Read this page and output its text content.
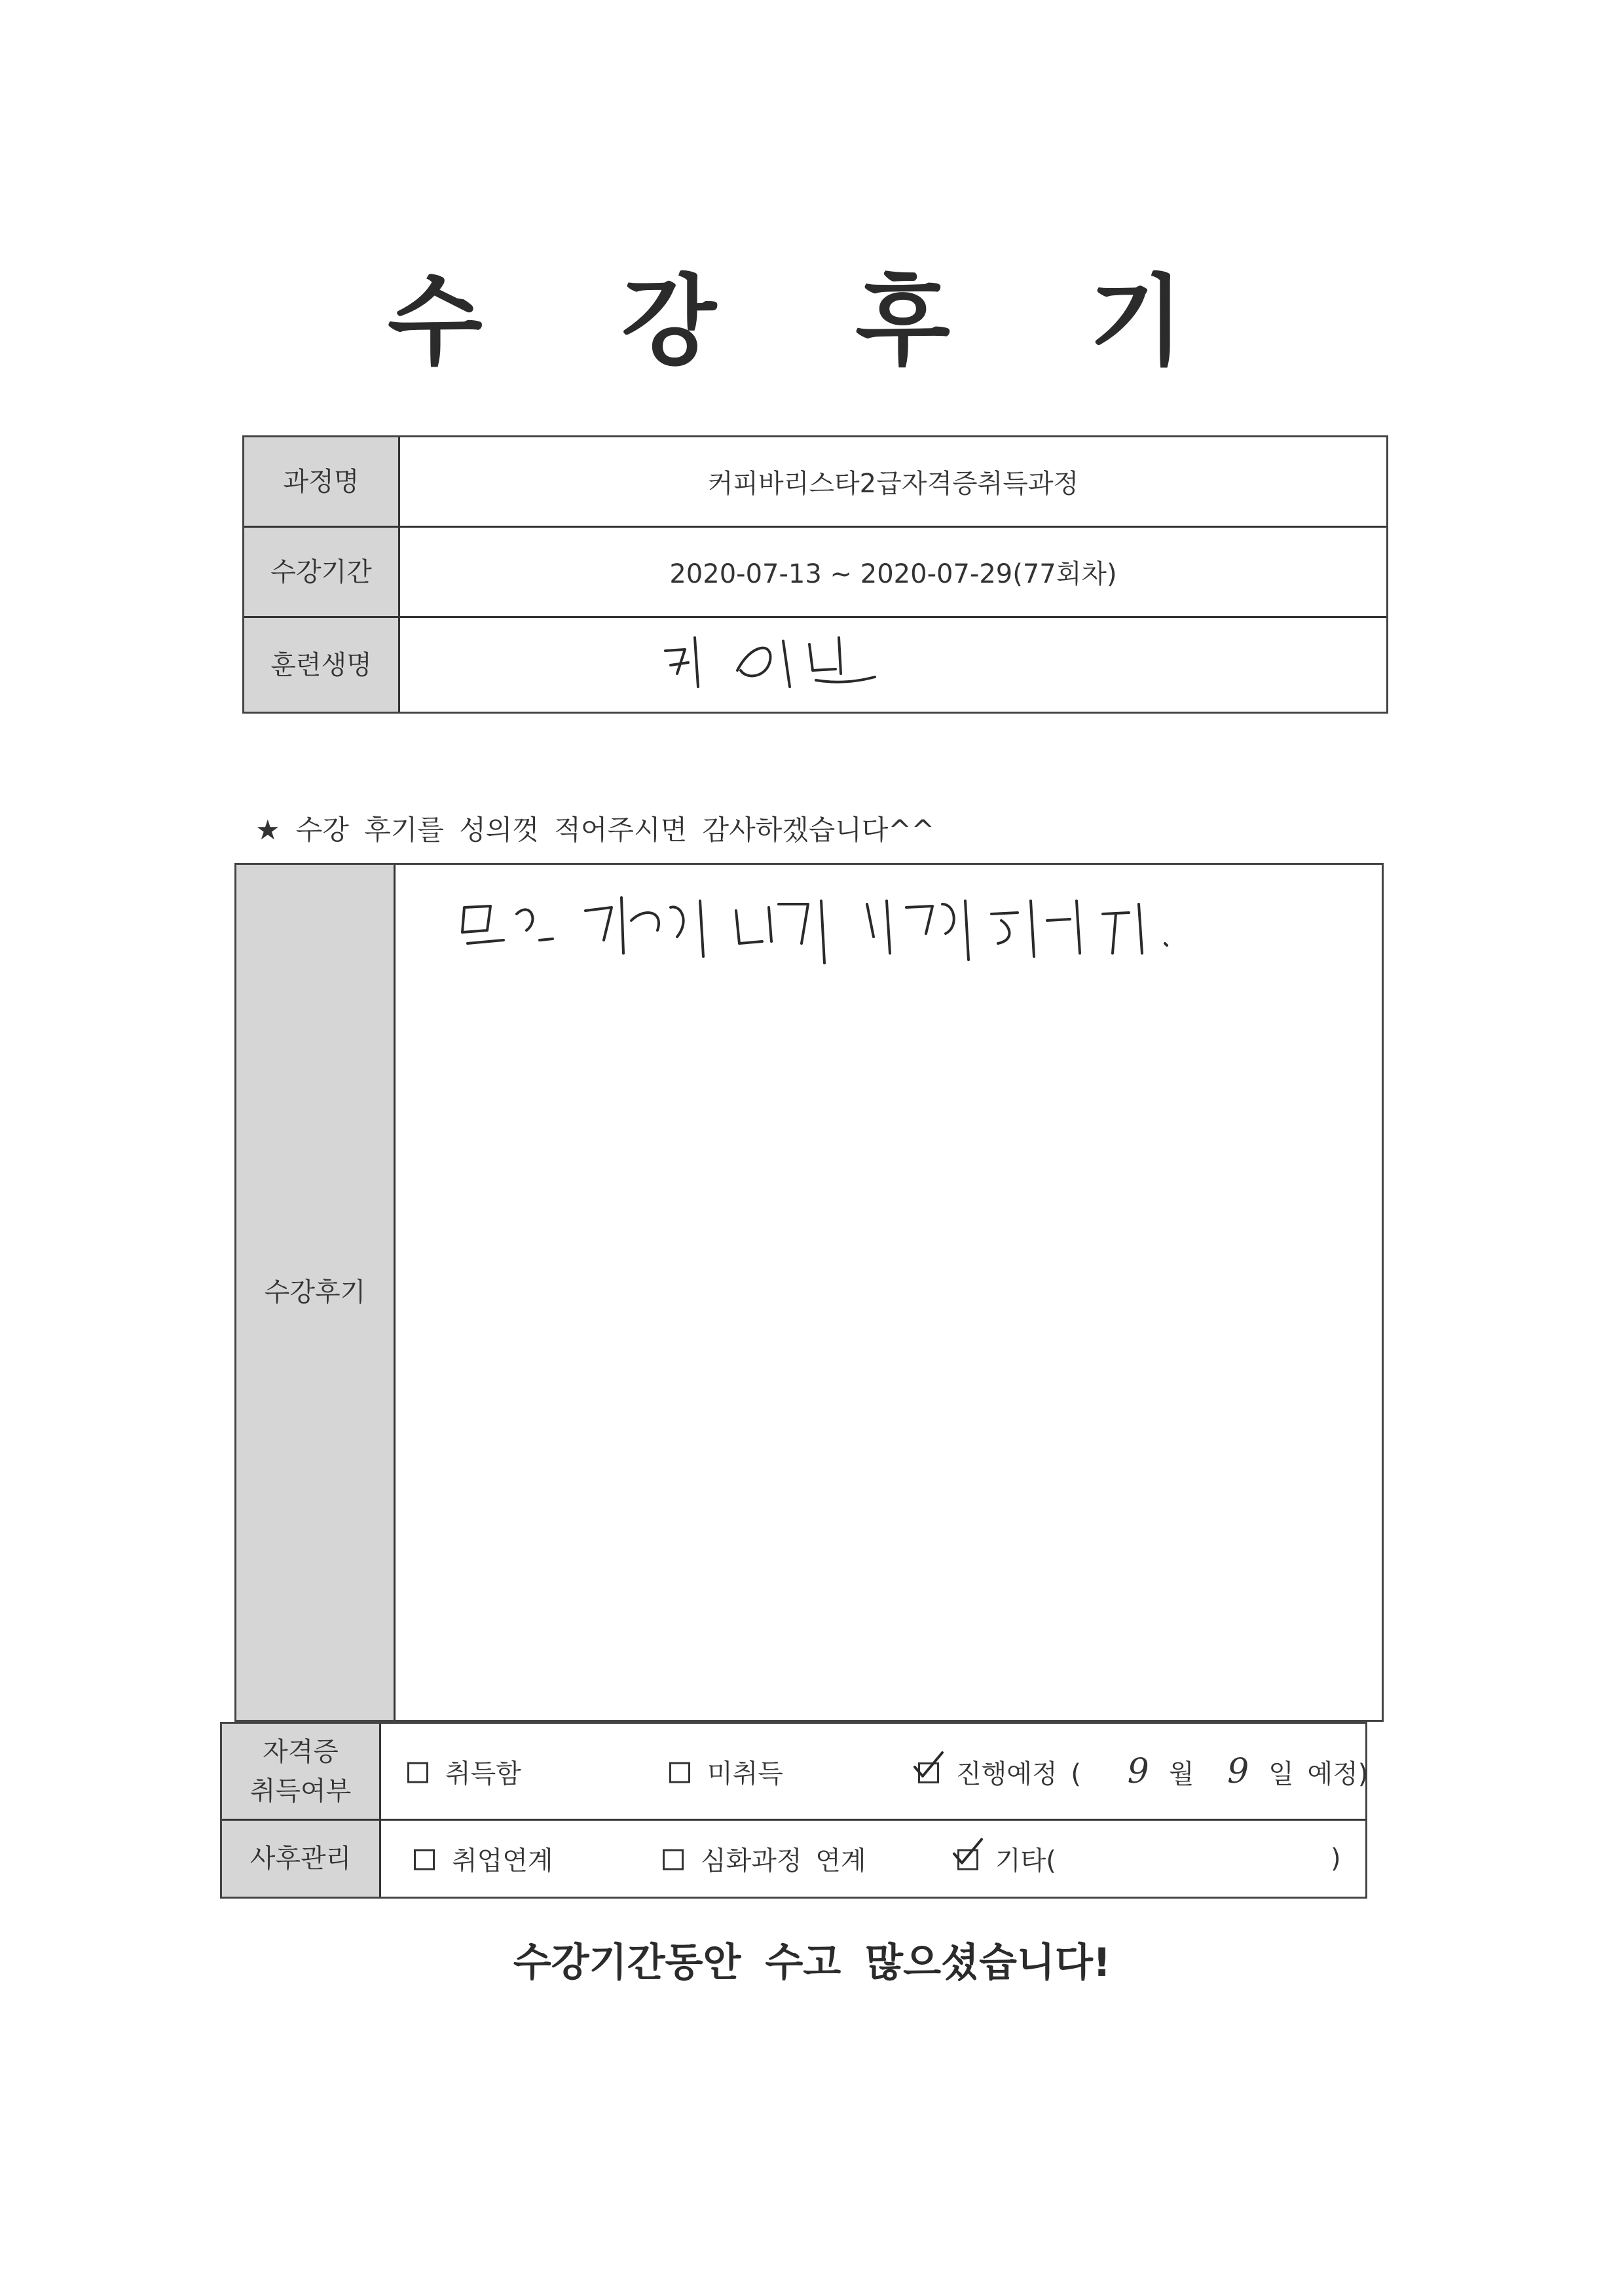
수 강 후 기
과정명	커피바리스타2급자격증취득과정
수강기간	2020-07-13 ~ 2020-07-29(77회차)
훈련생명
★ 수강 후기를 성의껏 적어주시면 감사하겠습니다^^
수강후기
자격증
취득여부
취득함	미취득	진행예정 ( 9 월 9 일 예정)
사후관리	취업연계	심화과정 연계	기타(	)
수강기간동안 수고 많으셨습니다!
